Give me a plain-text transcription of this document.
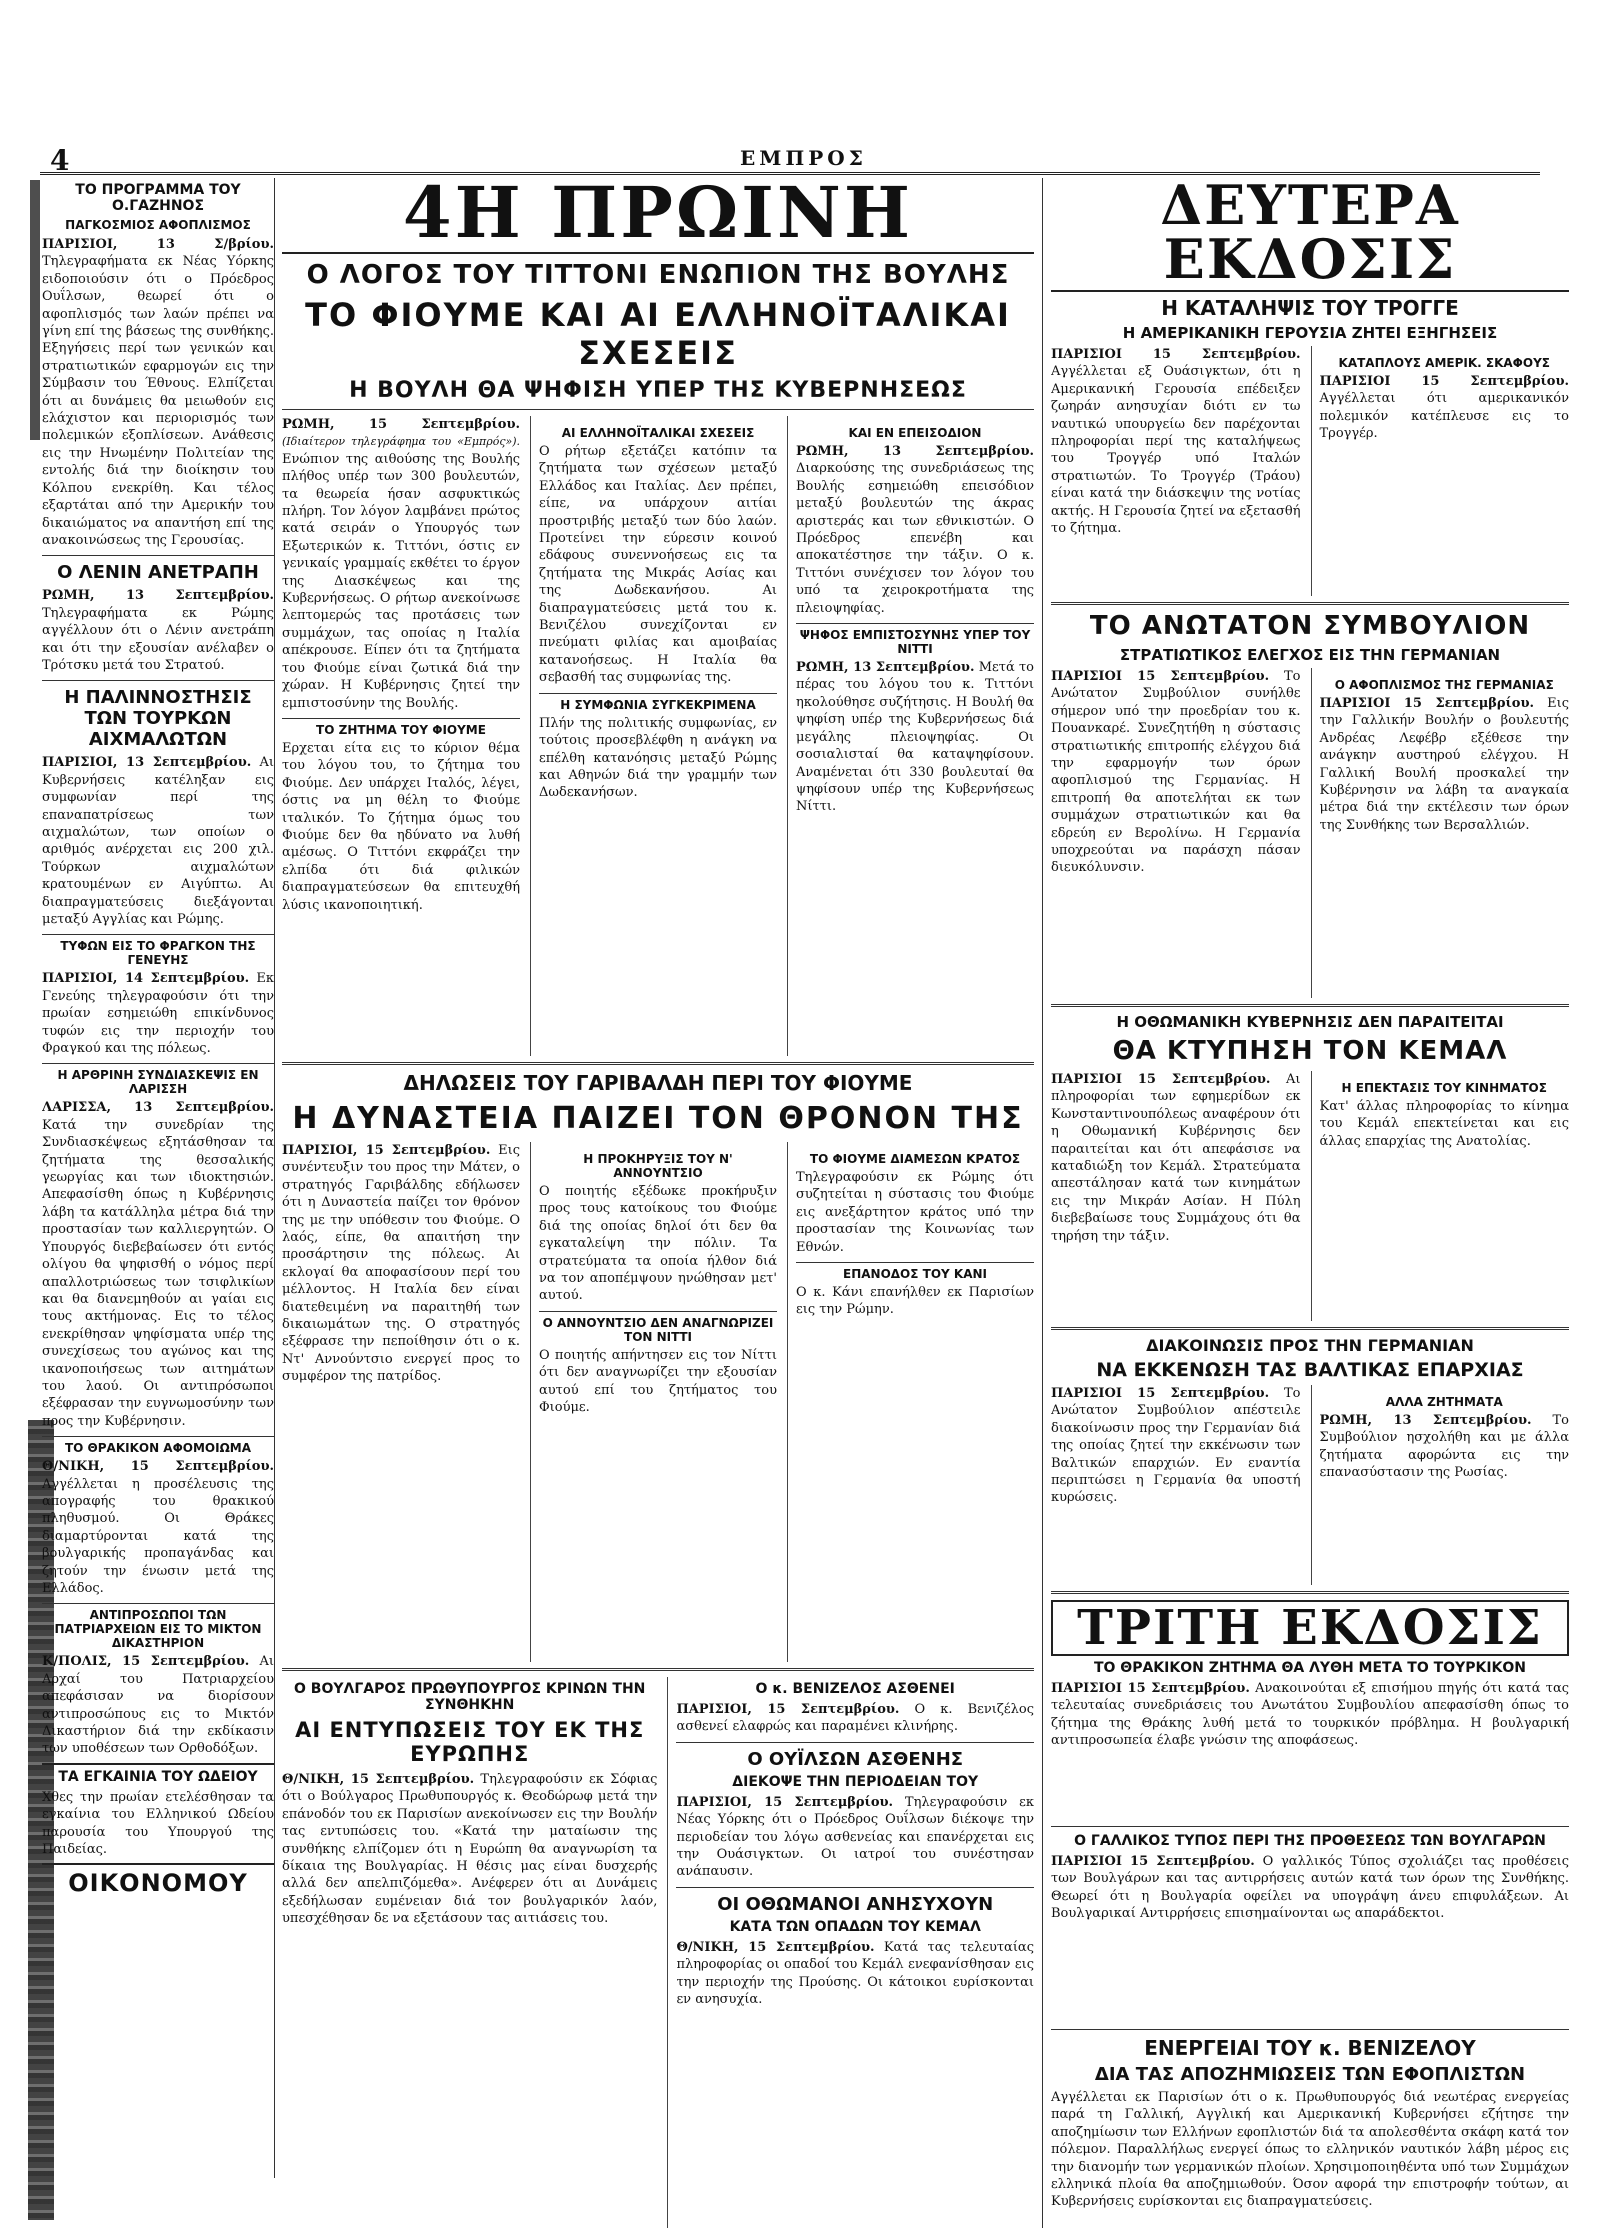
4	ΕΜΠΡΟΣ
ΤΟ ΠΡΟΓΡΑΜΜΑ ΤΟΥ Ο.ΓΑΖΗΝΟΣ
ΠΑΓΚΟΣΜΙΟΣ ΑΦΟΠΛΙΣΜΟΣ

ΠΑΡΙΣΙΟΙ, 13 Σ/βρίου. Τηλεγραφήματα εκ Νέας Υόρκης ειδοποιούσιν ότι ο Πρόεδρος Ουΐλσων, θεωρεί ότι ο αφοπλισμός των λαών πρέπει να γίνη επί της βάσεως της συνθήκης. Εξηγήσεις περί των γενικών και στρατιωτικών εφαρμογών εις την Σύμβασιν του Έθνους. Ελπίζεται ότι αι δυνάμεις θα μειωθούν εις ελάχιστον και περιορισμός των πολεμικών εξοπλίσεων. Ανάθεσις εις την Ηνωμένην Πολιτείαν της εντολής διά την διοίκησιν του Κόλπου ενεκρίθη. Και τέλος εξαρτάται από την Αμερικήν του δικαιώματος να απαντήση επί της ανακοινώσεως της Γερουσίας.

Ο ΛΕΝΙΝ ΑΝΕΤΡΑΠΗ

ΡΩΜΗ, 13 Σεπτεμβρίου. Τηλεγραφήματα εκ Ρώμης αγγέλλουν ότι ο Λένιν ανετράπη και ότι την εξουσίαν ανέλαβεν ο Τρότσκυ μετά του Στρατού.

Η ΠΑΛΙΝΝΟΣΤΗΣΙΣ ΤΩΝ ΤΟΥΡΚΩΝ ΑΙΧΜΑΛΩΤΩΝ

ΠΑΡΙΣΙΟΙ, 13 Σεπτεμβρίου. Αι Κυβερνήσεις κατέληξαν εις συμφωνίαν περί της επαναπατρίσεως των αιχμαλώτων, των οποίων ο αριθμός ανέρχεται εις 200 χιλ. Τούρκων αιχμαλώτων κρατουμένων εν Αιγύπτω. Αι διαπραγματεύσεις διεξάγονται μεταξύ Αγγλίας και Ρώμης.

ΤΥΦΩΝ ΕΙΣ ΤΟ ΦΡΑΓΚΟΝ ΤΗΣ ΓΕΝΕΥΗΣ

ΠΑΡΙΣΙΟΙ, 14 Σεπτεμβρίου. Εκ Γενεύης τηλεγραφούσιν ότι την πρωίαν εσημειώθη επικίνδυνος τυφών εις την περιοχήν του Φραγκού και της πόλεως.

Η ΑΡΘΡΙΝΗ ΣΥΝΔΙΑΣΚΕΨΙΣ ΕΝ ΛΑΡΙΣΣΗ

ΛΑΡΙΣΣΑ, 13 Σεπτεμβρίου. Κατά την συνεδρίαν της Συνδιασκέψεως εξητάσθησαν τα ζητήματα της θεσσαλικής γεωργίας και των ιδιοκτησιών. Απεφασίσθη όπως η Κυβέρνησις λάβη τα κατάλληλα μέτρα διά την προστασίαν των καλλιεργητών. Ο Υπουργός διεβεβαίωσεν ότι εντός ολίγου θα ψηφισθή ο νόμος περί απαλλοτριώσεως των τσιφλικίων και θα διανεμηθούν αι γαίαι εις τους ακτήμονας. Εις το τέλος ενεκρίθησαν ψηφίσματα υπέρ της συνεχίσεως του αγώνος και της ικανοποιήσεως των αιτημάτων του λαού. Οι αντιπρόσωποι εξέφρασαν την ευγνωμοσύνην των προς την Κυβέρνησιν.

ΤΟ ΘΡΑΚΙΚΟΝ ΑΦΟΜΟΙΩΜΑ

Θ/ΝΙΚΗ, 15 Σεπτεμβρίου. Αγγέλλεται η προσέλευσις της απογραφής του θρακικού πληθυσμού. Οι Θράκες διαμαρτύρονται κατά της βουλγαρικής προπαγάνδας και ζητούν την ένωσιν μετά της Ελλάδος.

ΑΝΤΙΠΡΟΣΩΠΟΙ ΤΩΝ ΠΑΤΡΙΑΡΧΕΙΩΝ ΕΙΣ ΤΟ ΜΙΚΤΟΝ ΔΙΚΑΣΤΗΡΙΟΝ

Κ/ΠΟΛΙΣ, 15 Σεπτεμβρίου. Αι Αρχαί του Πατριαρχείου απεφάσισαν να διορίσουν αντιπροσώπους εις το Μικτόν Δικαστήριον διά την εκδίκασιν των υποθέσεων των Ορθοδόξων.

ΤΑ ΕΓΚΑΙΝΙΑ ΤΟΥ ΩΔΕΙΟΥ

Χθες την πρωίαν ετελέσθησαν τα εγκαίνια του Ελληνικού Ωδείου παρουσία του Υπουργού της Παιδείας.

ΟΙΚΟΝΟΜΟΥ
4Η ΠΡΩΙΝΗ
Ο ΛΟΓΟΣ ΤΟΥ ΤΙΤΤΟΝΙ ΕΝΩΠΙΟΝ ΤΗΣ ΒΟΥΛΗΣ
ΤΟ ΦΙΟΥΜΕ ΚΑΙ ΑΙ ΕΛΛΗΝΟΪΤΑΛΙΚΑΙ ΣΧΕΣΕΙΣ
Η ΒΟΥΛΗ ΘΑ ΨΗΦΙΣΗ ΥΠΕΡ ΤΗΣ ΚΥΒΕΡΝΗΣΕΩΣ

ΡΩΜΗ, 15 Σεπτεμβρίου. (Ιδιαίτερον τηλεγράφημα του «Εμπρός»). Ενώπιον της αιθούσης της Βουλής πλήθος υπέρ των 300 βουλευτών, τα θεωρεία ήσαν ασφυκτικώς πλήρη. Τον λόγον λαμβάνει πρώτος κατά σειράν ο Υπουργός των Εξωτερικών κ. Τιττόνι, όστις εν γενικαίς γραμμαίς εκθέτει το έργον της Διασκέψεως και της Κυβερνήσεως. Ο ρήτωρ ανεκοίνωσε λεπτομερώς τας προτάσεις των συμμάχων, τας οποίας η Ιταλία απέκρουσε. Είπεν ότι τα ζητήματα του Φιούμε είναι ζωτικά διά την χώραν. Η Κυβέρνησις ζητεί την εμπιστοσύνην της Βουλής.

ΤΟ ΖΗΤΗΜΑ ΤΟΥ ΦΙΟΥΜΕ

Ερχεται είτα εις το κύριον θέμα του λόγου του, το ζήτημα του Φιούμε. Δεν υπάρχει Ιταλός, λέγει, όστις να μη θέλη το Φιούμε ιταλικόν. Το ζήτημα όμως του Φιούμε δεν θα ηδύνατο να λυθή αμέσως. Ο Τιττόνι εκφράζει την ελπίδα ότι διά φιλικών διαπραγματεύσεων θα επιτευχθή λύσις ικανοποιητική.

ΑΙ ΕΛΛΗΝΟΪΤΑΛΙΚΑΙ ΣΧΕΣΕΙΣ

Ο ρήτωρ εξετάζει κατόπιν τα ζητήματα των σχέσεων μεταξύ Ελλάδος και Ιταλίας. Δεν πρέπει, είπε, να υπάρχουν αιτίαι προστριβής μεταξύ των δύο λαών. Προτείνει την εύρεσιν κοινού εδάφους συνεννοήσεως εις τα ζητήματα της Μικράς Ασίας και της Δωδεκανήσου. Αι διαπραγματεύσεις μετά του κ. Βενιζέλου συνεχίζονται εν πνεύματι φιλίας και αμοιβαίας κατανοήσεως. Η Ιταλία θα σεβασθή τας συμφωνίας της.

Η ΣΥΜΦΩΝΙΑ ΣΥΓΚΕΚΡΙΜΕΝΑ

Πλήν της πολιτικής συμφωνίας, εν τούτοις προσεβλέφθη η ανάγκη να επέλθη κατανόησις μεταξύ Ρώμης και Αθηνών διά την γραμμήν των Δωδεκανήσων.

ΚΑΙ ΕΝ ΕΠΕΙΣΟΔΙΟΝ

ΡΩΜΗ, 13 Σεπτεμβρίου. Διαρκούσης της συνεδριάσεως της Βουλής εσημειώθη επεισόδιον μεταξύ βουλευτών της άκρας αριστεράς και των εθνικιστών. Ο Πρόεδρος επενέβη και αποκατέστησε την τάξιν. Ο κ. Τιττόνι συνέχισεν τον λόγον του υπό τα χειροκροτήματα της πλειοψηφίας.

ΨΗΦΟΣ ΕΜΠΙΣΤΟΣΥΝΗΣ ΥΠΕΡ ΤΟΥ ΝΙΤΤΙ

ΡΩΜΗ, 13 Σεπτεμβρίου. Μετά το πέρας του λόγου του κ. Τιττόνι ηκολούθησε συζήτησις. Η Βουλή θα ψηφίση υπέρ της Κυβερνήσεως διά μεγάλης πλειοψηφίας. Οι σοσιαλισταί θα καταψηφίσουν. Αναμένεται ότι 330 βουλευταί θα ψηφίσουν υπέρ της Κυβερνήσεως Νίττι.

ΔΗΛΩΣΕΙΣ ΤΟΥ ΓΑΡΙΒΑΛΔΗ ΠΕΡΙ ΤΟΥ ΦΙΟΥΜΕ
Η ΔΥΝΑΣΤΕΙΑ ΠΑΙΖΕΙ ΤΟΝ ΘΡΟΝΟΝ ΤΗΣ

ΠΑΡΙΣΙΟΙ, 15 Σεπτεμβρίου. Εις συνέντευξιν του προς την Μάτεν, ο στρατηγός Γαριβάλδης εδήλωσεν ότι η Δυναστεία παίζει τον θρόνον της με την υπόθεσιν του Φιούμε. Ο λαός, είπε, θα απαιτήση την προσάρτησιν της πόλεως. Αι εκλογαί θα αποφασίσουν περί του μέλλοντος. Η Ιταλία δεν είναι διατεθειμένη να παραιτηθή των δικαιωμάτων της. Ο στρατηγός εξέφρασε την πεποίθησιν ότι ο κ. Ντ' Αννούντσιο ενεργεί προς το συμφέρον της πατρίδος.

Η ΠΡΟΚΗΡΥΞΙΣ ΤΟΥ Ν' ΑΝΝΟΥΝΤΣΙΟ

Ο ποιητής εξέδωκε προκήρυξιν προς τους κατοίκους του Φιούμε διά της οποίας δηλοί ότι δεν θα εγκαταλείψη την πόλιν. Τα στρατεύματα τα οποία ήλθον διά να τον αποπέμψουν ηνώθησαν μετ' αυτού.

Ο ΑΝΝΟΥΝΤΣΙΟ ΔΕΝ ΑΝΑΓΝΩΡΙΖΕΙ ΤΟΝ ΝΙΤΤΙ

Ο ποιητής απήντησεν εις τον Νίττι ότι δεν αναγνωρίζει την εξουσίαν αυτού επί του ζητήματος του Φιούμε.

ΤΟ ΦΙΟΥΜΕ ΔΙΑΜΕΣΩΝ ΚΡΑΤΟΣ

Τηλεγραφούσιν εκ Ρώμης ότι συζητείται η σύστασις του Φιούμε εις ανεξάρτητον κράτος υπό την προστασίαν της Κοινωνίας των Εθνών.

ΕΠΑΝΟΔΟΣ ΤΟΥ ΚΑΝΙ

Ο κ. Κάνι επανήλθεν εκ Παρισίων εις την Ρώμην.

Ο ΒΟΥΛΓΑΡΟΣ ΠΡΩΘΥΠΟΥΡΓΟΣ ΚΡΙΝΩΝ ΤΗΝ ΣΥΝΘΗΚΗΝ
ΑΙ ΕΝΤΥΠΩΣΕΙΣ ΤΟΥ ΕΚ ΤΗΣ ΕΥΡΩΠΗΣ

Θ/ΝΙΚΗ, 15 Σεπτεμβρίου. Τηλεγραφούσιν εκ Σόφιας ότι ο Βούλγαρος Πρωθυπουργός κ. Θεοδώρωφ μετά την επάνοδόν του εκ Παρισίων ανεκοίνωσεν εις την Βουλήν τας εντυπώσεις του. «Κατά την ματαίωσιν της συνθήκης ελπίζομεν ότι η Ευρώπη θα αναγνωρίση τα δίκαια της Βουλγαρίας. Η θέσις μας είναι δυσχερής αλλά δεν απελπιζόμεθα». Ανέφερεν ότι αι Δυνάμεις εξεδήλωσαν ευμένειαν διά τον βουλγαρικόν λαόν, υπεσχέθησαν δε να εξετάσουν τας αιτιάσεις του.

Ο κ. ΒΕΝΙΖΕΛΟΣ ΑΣΘΕΝΕΙ

ΠΑΡΙΣΙΟΙ, 15 Σεπτεμβρίου. Ο κ. Βενιζέλος ασθενεί ελαφρώς και παραμένει κλινήρης.

Ο ΟΥΪΛΣΩΝ ΑΣΘΕΝΗΣ
ΔΙΕΚΟΨΕ ΤΗΝ ΠΕΡΙΟΔΕΙΑΝ ΤΟΥ

ΠΑΡΙΣΙΟΙ, 15 Σεπτεμβρίου. Τηλεγραφούσιν εκ Νέας Υόρκης ότι ο Πρόεδρος Ουΐλσων διέκοψε την περιοδείαν του λόγω ασθενείας και επανέρχεται εις την Ουάσιγκτων. Οι ιατροί του συνέστησαν ανάπαυσιν.

ΟΙ ΟΘΩΜΑΝΟΙ ΑΝΗΣΥΧΟΥΝ
ΚΑΤΑ ΤΩΝ ΟΠΑΔΩΝ ΤΟΥ ΚΕΜΑΛ

Θ/ΝΙΚΗ, 15 Σεπτεμβρίου. Κατά τας τελευταίας πληροφορίας οι οπαδοί του Κεμάλ ενεφανίσθησαν εις την περιοχήν της Προύσης. Οι κάτοικοι ευρίσκονται εν ανησυχία.

ΔΕΥΤΕΡΑ ΕΚΔΟΣΙΣ
Η ΚΑΤΑΛΗΨΙΣ ΤΟΥ ΤΡΟΓΓΕ
Η ΑΜΕΡΙΚΑΝΙΚΗ ΓΕΡΟΥΣΙΑ ΖΗΤΕΙ ΕΞΗΓΗΣΕΙΣ

ΠΑΡΙΣΙΟΙ 15 Σεπτεμβρίου. Αγγέλλεται εξ Ουάσιγκτων, ότι η Αμερικανική Γερουσία επέδειξεν ζωηράν ανησυχίαν διότι εν τω ναυτικώ υπουργείω δεν παρέχονται πληροφορίαι περί της καταλήψεως του Τρογγέρ υπό Ιταλών στρατιωτών. Το Τρογγέρ (Τράου) είναι κατά την διάσκεψιν της νοτίας ακτής. Η Γερουσία ζητεί να εξετασθή το ζήτημα.

ΚΑΤΑΠΛΟΥΣ ΑΜΕΡΙΚ. ΣΚΑΦΟΥΣ

ΠΑΡΙΣΙΟΙ 15 Σεπτεμβρίου. Αγγέλλεται ότι αμερικανικόν πολεμικόν κατέπλευσε εις το Τρογγέρ.

ΤΟ ΑΝΩΤΑΤΟΝ ΣΥΜΒΟΥΛΙΟΝ
ΣΤΡΑΤΙΩΤΙΚΟΣ ΕΛΕΓΧΟΣ ΕΙΣ ΤΗΝ ΓΕΡΜΑΝΙΑΝ

ΠΑΡΙΣΙΟΙ 15 Σεπτεμβρίου. Το Ανώτατον Συμβούλιον συνήλθε σήμερον υπό την προεδρίαν του κ. Πουανκαρέ. Συνεζητήθη η σύστασις στρατιωτικής επιτροπής ελέγχου διά την εφαρμογήν των όρων αφοπλισμού της Γερμανίας. Η επιτροπή θα αποτελήται εκ των συμμάχων στρατιωτικών και θα εδρεύη εν Βερολίνω. Η Γερμανία υποχρεούται να παράσχη πάσαν διευκόλυνσιν.

Ο ΑΦΟΠΛΙΣΜΟΣ ΤΗΣ ΓΕΡΜΑΝΙΑΣ

ΠΑΡΙΣΙΟΙ 15 Σεπτεμβρίου. Εις την Γαλλικήν Βουλήν ο βουλευτής Ανδρέας Λεφέβρ εξέθεσε την ανάγκην αυστηρού ελέγχου. Η Γαλλική Βουλή προσκαλεί την Κυβέρνησιν να λάβη τα αναγκαία μέτρα διά την εκτέλεσιν των όρων της Συνθήκης των Βερσαλλιών.

Η ΟΘΩΜΑΝΙΚΗ ΚΥΒΕΡΝΗΣΙΣ ΔΕΝ ΠΑΡΑΙΤΕΙΤΑΙ
ΘΑ ΚΤΥΠΗΣΗ ΤΟΝ ΚΕΜΑΛ

ΠΑΡΙΣΙΟΙ 15 Σεπτεμβρίου. Αι πληροφορίαι των εφημερίδων εκ Κωνσταντινουπόλεως αναφέρουν ότι η Οθωμανική Κυβέρνησις δεν παραιτείται και ότι απεφάσισε να καταδιώξη τον Κεμάλ. Στρατεύματα απεστάλησαν κατά των κινημάτων εις την Μικράν Ασίαν. Η Πύλη διεβεβαίωσε τους Συμμάχους ότι θα τηρήση την τάξιν.

Η ΕΠΕΚΤΑΣΙΣ ΤΟΥ ΚΙΝΗΜΑΤΟΣ

Κατ' άλλας πληροφορίας το κίνημα του Κεμάλ επεκτείνεται και εις άλλας επαρχίας της Ανατολίας.

ΔΙΑΚΟΙΝΩΣΙΣ ΠΡΟΣ ΤΗΝ ΓΕΡΜΑΝΙΑΝ
ΝΑ ΕΚΚΕΝΩΣΗ ΤΑΣ ΒΑΛΤΙΚΑΣ ΕΠΑΡΧΙΑΣ

ΠΑΡΙΣΙΟΙ 15 Σεπτεμβρίου. Το Ανώτατον Συμβούλιον απέστειλε διακοίνωσιν προς την Γερμανίαν διά της οποίας ζητεί την εκκένωσιν των Βαλτικών επαρχιών. Εν εναντία περιπτώσει η Γερμανία θα υποστή κυρώσεις.

ΑΛΛΑ ΖΗΤΗΜΑΤΑ

ΡΩΜΗ, 13 Σεπτεμβρίου. Το Συμβούλιον ησχολήθη και με άλλα ζητήματα αφορώντα εις την επανασύστασιν της Ρωσίας.

ΤΡΙΤΗ ΕΚΔΟΣΙΣ
ΤΟ ΘΡΑΚΙΚΟΝ ΖΗΤΗΜΑ ΘΑ ΛΥΘΗ ΜΕΤΑ ΤΟ ΤΟΥΡΚΙΚΟΝ

ΠΑΡΙΣΙΟΙ 15 Σεπτεμβρίου. Ανακοινούται εξ επισήμου πηγής ότι κατά τας τελευταίας συνεδριάσεις του Ανωτάτου Συμβουλίου απεφασίσθη όπως το ζήτημα της Θράκης λυθή μετά το τουρκικόν πρόβλημα. Η βουλγαρική αντιπροσωπεία έλαβε γνώσιν της αποφάσεως.

Ο ΓΑΛΛΙΚΟΣ ΤΥΠΟΣ ΠΕΡΙ ΤΗΣ ΠΡΟΘΕΣΕΩΣ ΤΩΝ ΒΟΥΛΓΑΡΩΝ

ΠΑΡΙΣΙΟΙ 15 Σεπτεμβρίου. Ο γαλλικός Τύπος σχολιάζει τας προθέσεις των Βουλγάρων και τας αντιρρήσεις αυτών κατά των όρων της Συνθήκης. Θεωρεί ότι η Βουλγαρία οφείλει να υπογράψη άνευ επιφυλάξεων. Αι Βουλγαρικαί Αντιρρήσεις επισημαίνονται ως απαράδεκτοι.

ΕΝΕΡΓΕΙΑΙ ΤΟΥ κ. ΒΕΝΙΖΕΛΟΥ
ΔΙΑ ΤΑΣ ΑΠΟΖΗΜΙΩΣΕΙΣ ΤΩΝ ΕΦΟΠΛΙΣΤΩΝ

Αγγέλλεται εκ Παρισίων ότι ο κ. Πρωθυπουργός διά νεωτέρας ενεργείας παρά τη Γαλλική, Αγγλική και Αμερικανική Κυβερνήσει εζήτησε την αποζημίωσιν των Ελλήνων εφοπλιστών διά τα απολεσθέντα σκάφη κατά τον πόλεμον. Παραλλήλως ενεργεί όπως το ελληνικόν ναυτικόν λάβη μέρος εις την διανομήν των γερμανικών πλοίων. Χρησιμοποιηθέντα υπό των Συμμάχων ελληνικά πλοία θα αποζημιωθούν. Όσον αφορά την επιστροφήν τούτων, αι Κυβερνήσεις ευρίσκονται εις διαπραγματεύσεις.
